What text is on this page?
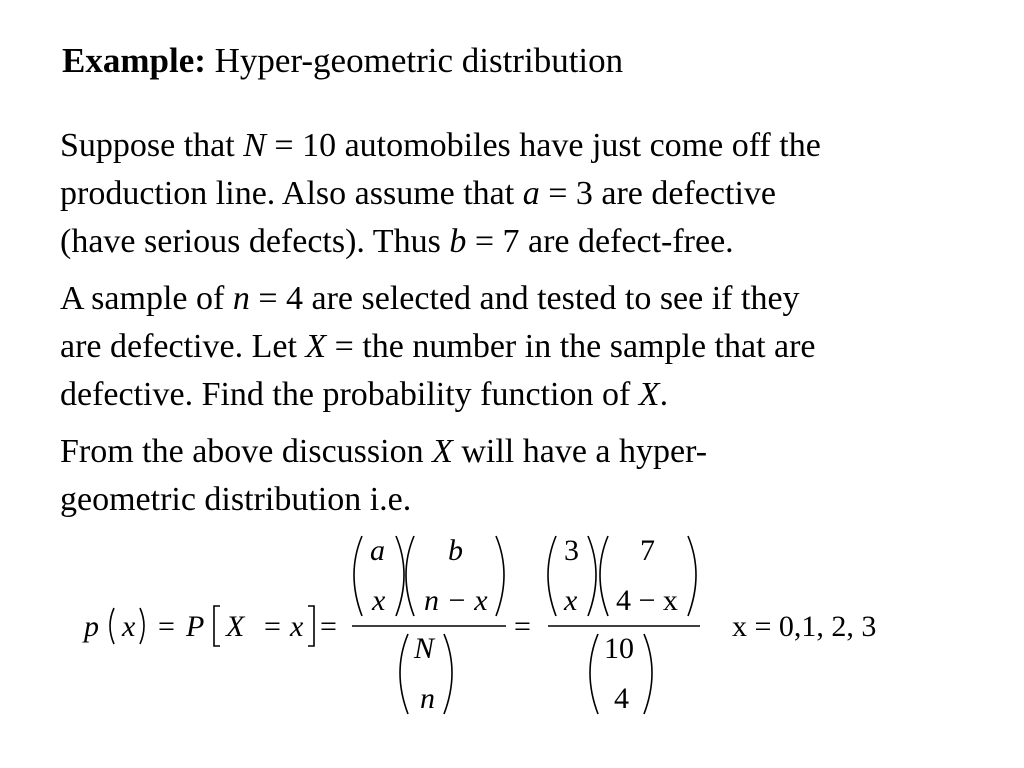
Example: Hyper-geometric distribution
Suppose that N = 10 automobiles have just come off the
production line. Also assume that a = 3 are defective
(have serious defects). Thus b = 7 are defect-free.
A sample of n = 4 are selected and tested to see if they
are defective. Let X = the number in the sample that are
defective. Find the probability function of X.
From the above discussion X will have a hyper-
geometric distribution i.e.
p x = P X = x =
a
x
b
n − x
N
n
=
3
x
7
4 − x
10
4
x = 0,1, 2, 3
